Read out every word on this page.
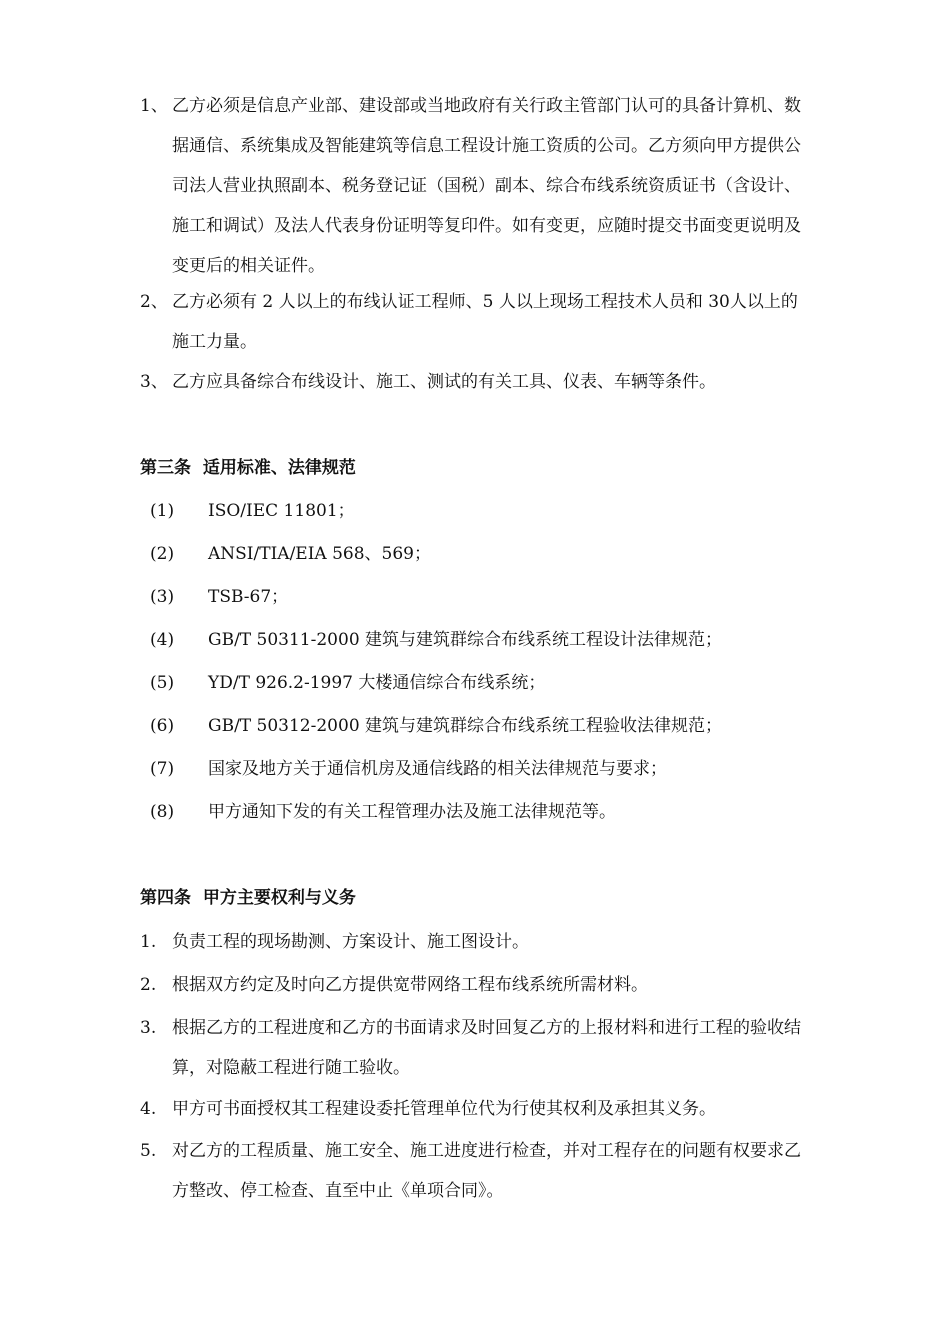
1、 乙方必须是信息产业部、建设部或当地政府有关行政主管部门认可的具备计算机、数据通信、系统集成及智能建筑等信息工程设计施工资质的公司。乙方须向甲方提供公司法人营业执照副本、税务登记证（国税）副本、综合布线系统资质证书（含设计、施工和调试）及法人代表身份证明等复印件。如有变更，应随时提交书面变更说明及变更后的相关证件。
2、 乙方必须有 2 人以上的布线认证工程师、5 人以上现场工程技术人员和 30人以上的施工力量。
3、 乙方应具备综合布线设计、施工、测试的有关工具、仪表、车辆等条件。
第三条  适用标准、法律规范
(1) ISO/IEC 11801；
(2) ANSI/TIA/EIA 568、569；
(3) TSB-67；
(4) GB/T 50311-2000 建筑与建筑群综合布线系统工程设计法律规范；
(5) YD/T 926.2-1997 大楼通信综合布线系统；
(6) GB/T 50312-2000 建筑与建筑群综合布线系统工程验收法律规范；
(7) 国家及地方关于通信机房及通信线路的相关法律规范与要求；
(8) 甲方通知下发的有关工程管理办法及施工法律规范等。
第四条  甲方主要权利与义务
1. 负责工程的现场勘测、方案设计、施工图设计。
2. 根据双方约定及时向乙方提供宽带网络工程布线系统所需材料。
3. 根据乙方的工程进度和乙方的书面请求及时回复乙方的上报材料和进行工程的验收结算，对隐蔽工程进行随工验收。
4. 甲方可书面授权其工程建设委托管理单位代为行使其权利及承担其义务。
5. 对乙方的工程质量、施工安全、施工进度进行检查，并对工程存在的问题有权要求乙方整改、停工检查、直至中止《单项合同》。
